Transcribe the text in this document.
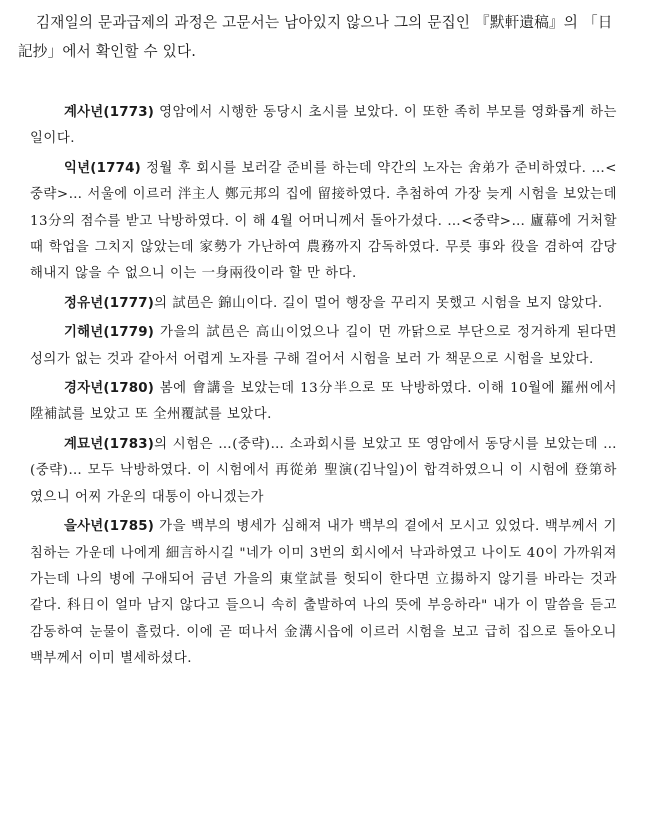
김재일의 문과급제의 과정은 고문서는 남아있지 않으나 그의 문집인 『默軒遺稿』의 「日記抄」에서 확인할 수 있다.

계사년(1773) 영암에서 시행한 동당시 초시를 보았다. 이 또한 족히 부모를 영화롭게 하는 일이다.

익년(1774) 정월 후 회시를 보러갈 준비를 하는데 약간의 노자는 舍弟가 준비하였다. …<중략>… 서울에 이르러 泮主人 鄭元邦의 집에 留接하였다. 추첨하여 가장 늦게 시험을 보았는데 13分의 점수를 받고 낙방하였다. 이 해 4월 어머니께서 돌아가셨다. …<중략>… 廬幕에 거처할 때 학업을 그치지 않았는데 家勢가 가난하여 農務까지 감독하였다. 무릇 事와 役을 겸하여 감당해내지 않을 수 없으니 이는 一身兩役이라 할 만 하다.

정유년(1777)의 試邑은 錦山이다. 길이 멀어 행장을 꾸리지 못했고 시험을 보지 않았다.

기해년(1779) 가을의 試邑은 高山이었으나 길이 먼 까닭으로 부단으로 정거하게 된다면 성의가 없는 것과 같아서 어렵게 노자를 구해 걸어서 시험을 보러 가 책문으로 시험을 보았다.

경자년(1780) 봄에 會講을 보았는데 13分半으로 또 낙방하였다. 이해 10월에 羅州에서 陞補試를 보았고 또 全州覆試를 보았다.

계묘년(1783)의 시험은 …(중략)… 소과회시를 보았고 또 영암에서 동당시를 보았는데 …(중략)… 모두 낙방하였다. 이 시험에서 再從弟 聖演(김낙일)이 합격하였으니 이 시험에 登第하였으니 어찌 가운의 대통이 아니겠는가

을사년(1785) 가을 백부의 병세가 심해져 내가 백부의 곁에서 모시고 있었다. 백부께서 기침하는 가운데 나에게 細言하시길 "네가 이미 3번의 회시에서 낙과하였고 나이도 40이 가까워져 가는데 나의 병에 구애되어 금년 가을의 東堂試를 헛되이 한다면 立揚하지 않기를 바라는 것과 같다. 科日이 얼마 남지 않다고 들으니 속히 출발하여 나의 뜻에 부응하라" 내가 이 말씀을 듣고 감동하여 눈물이 흘렀다. 이에 곧 떠나서 金溝시읍에 이르러 시험을 보고 급히 집으로 돌아오니 백부께서 이미 별세하셨다.
